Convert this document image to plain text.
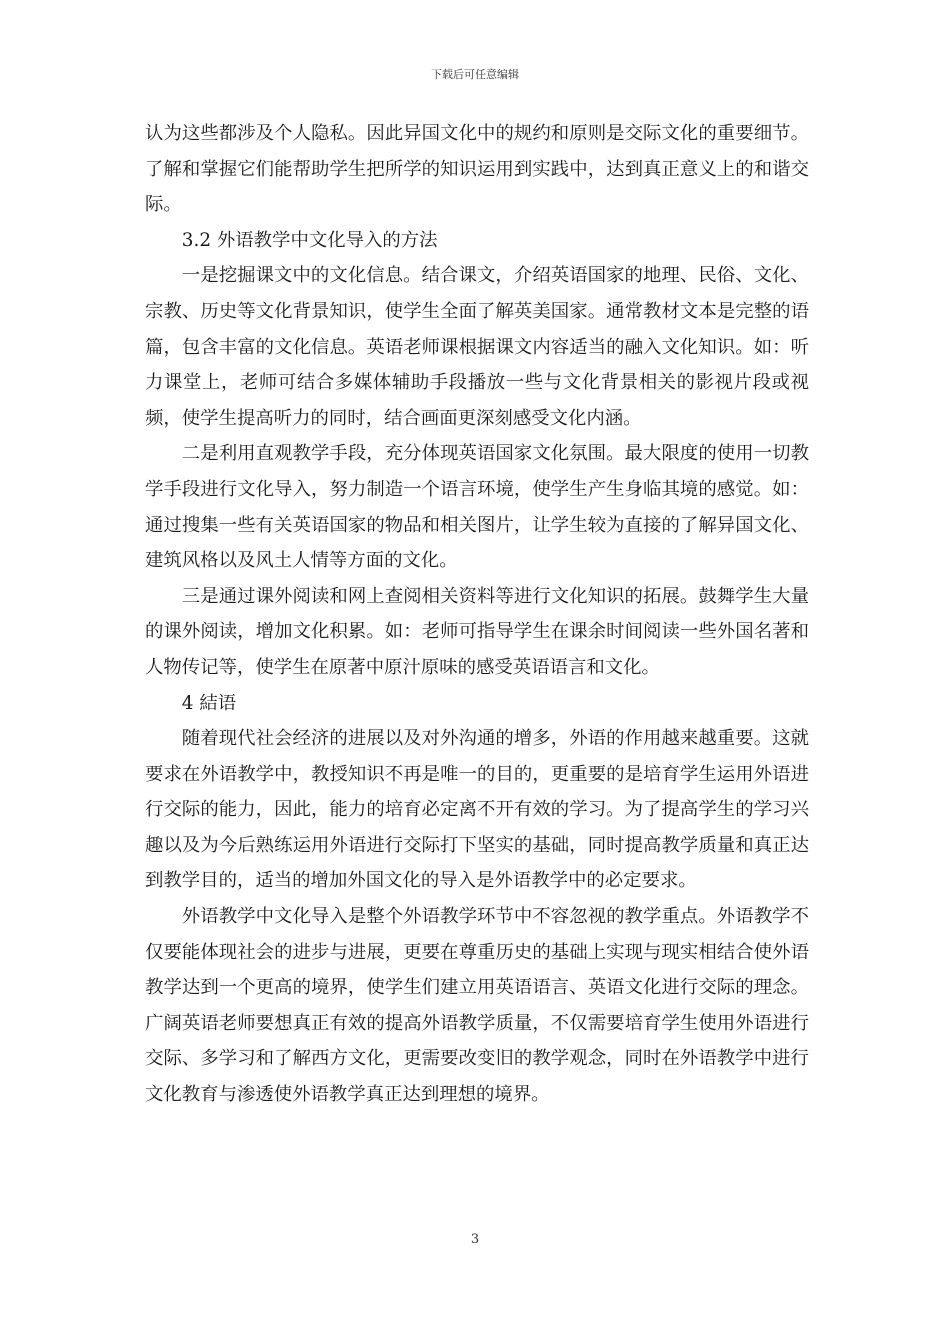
下载后可任意编辑

认为这些都涉及个人隐私。因此异国文化中的规约和原则是交际文化的重要细节。了解和掌握它们能帮助学生把所学的知识运用到实践中，达到真正意义上的和谐交际。

3.2 外语教学中文化导入的方法

一是挖掘课文中的文化信息。结合课文，介绍英语国家的地理、民俗、文化、宗教、历史等文化背景知识，使学生全面了解英美国家。通常教材文本是完整的语篇，包含丰富的文化信息。英语老师课根据课文内容适当的融入文化知识。如：听力课堂上，老师可结合多媒体辅助手段播放一些与文化背景相关的影视片段或视频，使学生提高听力的同时，结合画面更深刻感受文化内涵。

二是利用直观教学手段，充分体现英语国家文化氛围。最大限度的使用一切教学手段进行文化导入，努力制造一个语言环境，使学生产生身临其境的感觉。如：通过搜集一些有关英语国家的物品和相关图片，让学生较为直接的了解异国文化、建筑风格以及风土人情等方面的文化。

三是通过课外阅读和网上查阅相关资料等进行文化知识的拓展。鼓舞学生大量的课外阅读，增加文化积累。如：老师可指导学生在课余时间阅读一些外国名著和人物传记等，使学生在原著中原汁原味的感受英语语言和文化。

4 結语

随着现代社会经济的进展以及对外沟通的增多，外语的作用越来越重要。这就要求在外语教学中，教授知识不再是唯一的目的，更重要的是培育学生运用外语进行交际的能力，因此，能力的培育必定离不开有效的学习。为了提高学生的学习兴趣以及为今后熟练运用外语进行交际打下坚实的基础，同时提高教学质量和真正达到教学目的，适当的增加外国文化的导入是外语教学中的必定要求。

外语教学中文化导入是整个外语教学环节中不容忽视的教学重点。外语教学不仅要能体现社会的进步与进展，更要在尊重历史的基础上实现与现实相结合使外语教学达到一个更高的境界，使学生们建立用英语语言、英语文化进行交际的理念。广阔英语老师要想真正有效的提高外语教学质量，不仅需要培育学生使用外语进行交际、多学习和了解西方文化，更需要改变旧的教学观念，同时在外语教学中进行文化教育与渗透使外语教学真正达到理想的境界。

3
